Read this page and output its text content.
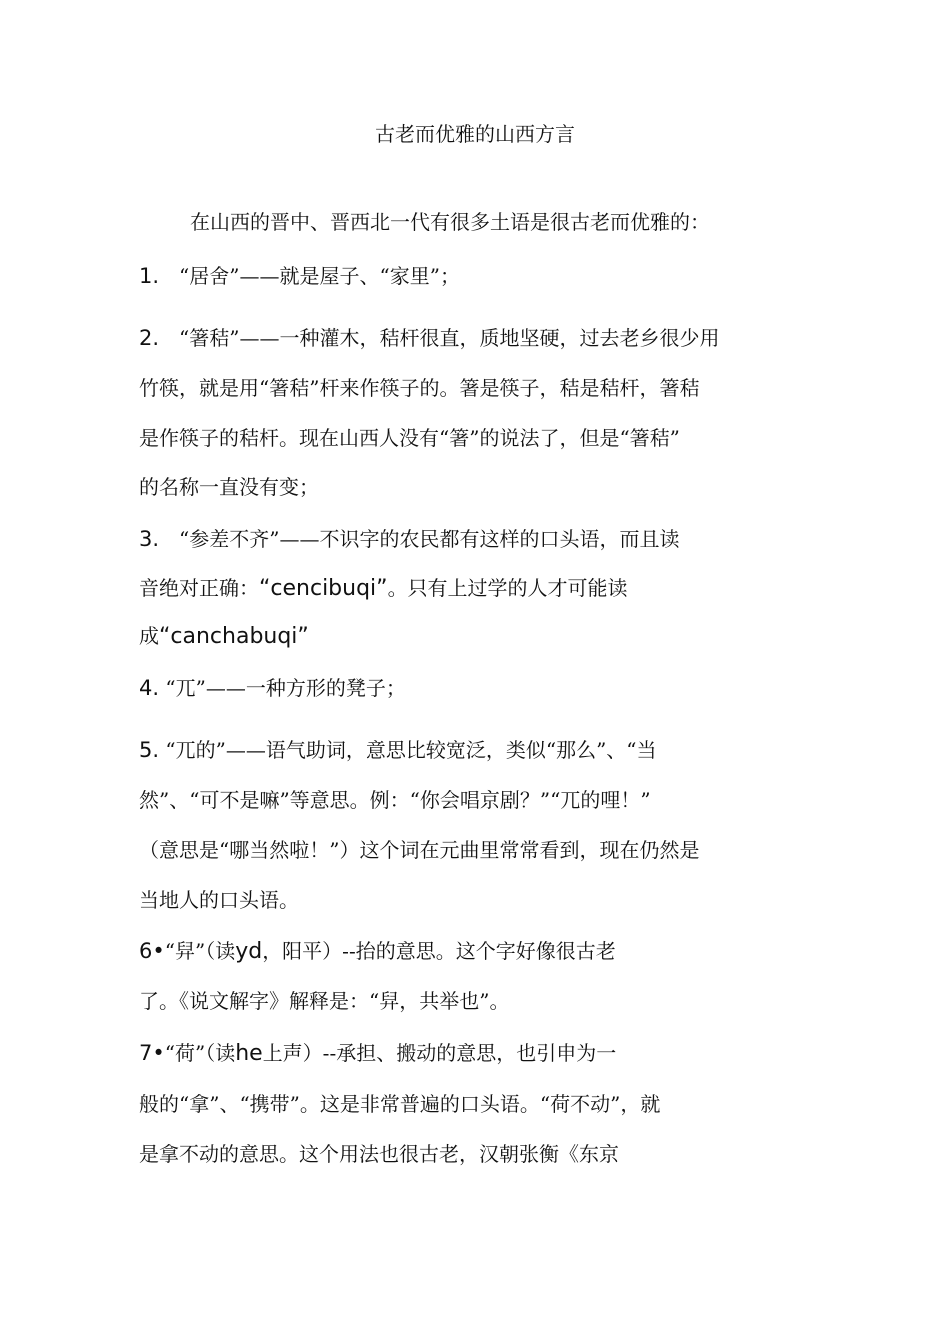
古老而优雅的山西方言
在山西的晋中、晋西北一代有很多土语是很古老而优雅的：
1.　“居舍”——就是屋子、“家里”；
2.　“箸秸”——一种灌木，秸杆很直，质地坚硬，过去老乡很少用
竹筷，就是用“箸秸”杆来作筷子的。箸是筷子，秸是秸杆，箸秸
是作筷子的秸杆。现在山西人没有“箸”的说法了，但是“箸秸”
的名称一直没有变；
3.　“参差不齐”——不识字的农民都有这样的口头语，而且读
音绝对正确：“cencibuqi”。只有上过学的人才可能读
成“canchabuqi”
4. “兀”——一种方形的凳子；
5. “兀的”——语气助词，意思比较宽泛，类似“那么”、“当
然”、“可不是嘛”等意思。例：“你会唱京剧？”“兀的哩！”
（意思是“哪当然啦！”）这个词在元曲里常常看到，现在仍然是
当地人的口头语。
6•“舁”（读yd，阳平）--抬的意思。这个字好像很古老
了。《说文解字》解释是：“舁，共举也”。
7•“荷”（读he上声）--承担、搬动的意思，也引申为一
般的“拿”、“携带”。这是非常普遍的口头语。“荷不动”，就
是拿不动的意思。这个用法也很古老，汉朝张衡《东京
